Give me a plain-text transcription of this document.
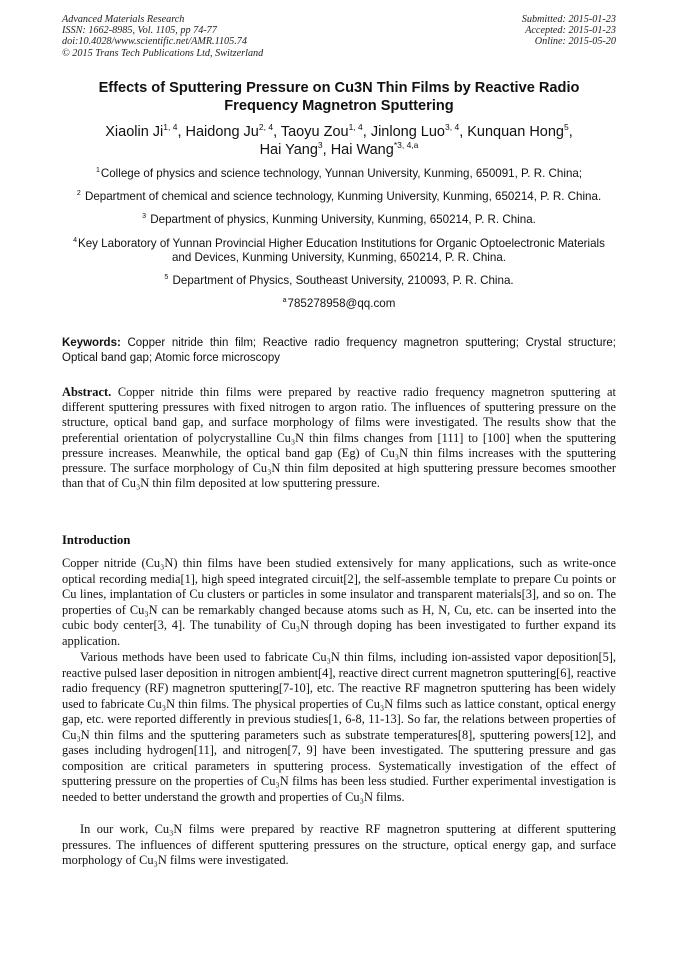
Advanced Materials Research
ISSN: 1662-8985, Vol. 1105, pp 74-77
doi:10.4028/www.scientific.net/AMR.1105.74
© 2015 Trans Tech Publications Ltd, Switzerland
Submitted: 2015-01-23
Accepted: 2015-01-23
Online: 2015-05-20
Effects of Sputtering Pressure on Cu3N Thin Films by Reactive Radio Frequency Magnetron Sputtering
Xiaolin Ji$^{1, 4}$, Haidong Ju$^{2, 4}$, Taoyu Zou$^{1, 4}$, Jinlong Luo$^{3, 4}$, Kunquan Hong$^5$,
Hai Yang$^3$, Hai Wang$^{*3, 4,a}$

$^1$College of physics and science technology, Yunnan University, Kunming, 650091, P. R. China;

$^2$ Department of chemical and science technology, Kunming University, Kunming, 650214, P. R. China.

$^3$ Department of physics, Kunming University, Kunming, 650214, P. R. China.

$^4$Key Laboratory of Yunnan Provincial Higher Education Institutions for Organic Optoelectronic Materials and Devices, Kunming University, Kunming, 650214, P. R. China.

$^5$ Department of Physics, Southeast University, 210093, P. R. China.

$^a$785278958@qq.com

Keywords: Copper nitride thin film; Reactive radio frequency magnetron sputtering; Crystal structure; Optical band gap; Atomic force microscopy

Abstract. Copper nitride thin films were prepared by reactive radio frequency magnetron sputtering at different sputtering pressures with fixed nitrogen to argon ratio. The influences of sputtering pressure on the structure, optical band gap, and surface morphology of films were investigated. The results show that the preferential orientation of polycrystalline Cu₃N thin films changes from [111] to [100] when the sputtering pressure increases. Meanwhile, the optical band gap (Eg) of Cu₃N thin films increases with the sputtering pressure. The surface morphology of Cu₃N thin film deposited at high sputtering pressure becomes smoother than that of Cu₃N thin film deposited at low sputtering pressure.

Introduction

Copper nitride (Cu₃N) thin films have been studied extensively for many applications, such as write-once optical recording media[1], high speed integrated circuit[2], the self-assemble template to prepare Cu points or Cu lines, implantation of Cu clusters or particles in some insulator and transparent materials[3], and so on. The properties of Cu₃N can be remarkably changed because atoms such as H, N, Cu, etc. can be inserted into the cubic body center[3, 4]. The tunability of Cu₃N through doping has been investigated to further expand its application.

Various methods have been used to fabricate Cu₃N thin films, including ion-assisted vapor deposition[5], reactive pulsed laser deposition in nitrogen ambient[4], reactive direct current magnetron sputtering[6], reactive radio frequency (RF) magnetron sputtering[7-10], etc. The reactive RF magnetron sputtering has been widely used to fabricate Cu₃N thin films. The physical properties of Cu₃N films such as lattice constant, optical energy gap, etc. were reported differently in previous studies[1, 6-8, 11-13]. So far, the relations between properties of Cu₃N thin films and the sputtering parameters such as substrate temperatures[8], sputtering powers[12], and gases including hydrogen[11], and nitrogen[7, 9] have been investigated. The sputtering pressure and gas composition are critical parameters in sputtering process. Systematically investigation of the effect of sputtering pressure on the properties of Cu₃N films has been less studied. Further experimental investigation is needed to better understand the growth and properties of Cu₃N films.

In our work, Cu₃N films were prepared by reactive RF magnetron sputtering at different sputtering pressures. The influences of different sputtering pressures on the structure, optical energy gap, and surface morphology of Cu₃N films were investigated.
